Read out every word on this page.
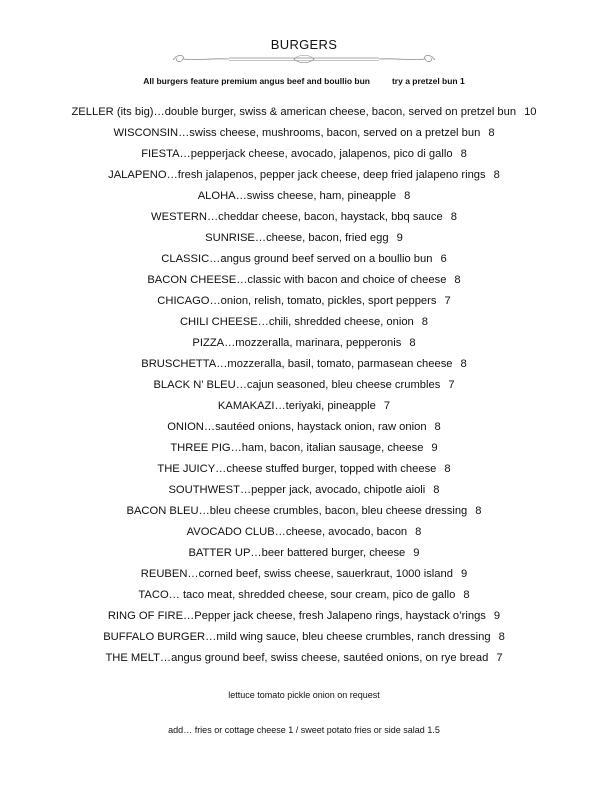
BURGERS
All burgers feature premium angus beef and boullio bun	try a pretzel bun 1
ZELLER (its big)…double burger, swiss & american cheese, bacon, served on pretzel bun 10
WISCONSIN…swiss cheese, mushrooms, bacon, served on a pretzel bun 8
FIESTA…pepperjack cheese, avocado, jalapenos, pico di gallo 8
JALAPENO…fresh jalapenos, pepper jack cheese, deep fried jalapeno rings 8
ALOHA…swiss cheese, ham, pineapple 8
WESTERN…cheddar cheese, bacon, haystack, bbq sauce 8
SUNRISE…cheese, bacon, fried egg 9
CLASSIC…angus ground beef served on a boullio bun 6
BACON CHEESE…classic with bacon and choice of cheese 8
CHICAGO…onion, relish, tomato, pickles, sport peppers 7
CHILI CHEESE…chili, shredded cheese, onion 8
PIZZA…mozzeralla, marinara, pepperonis 8
BRUSCHETTA…mozzeralla, basil, tomato, parmasean cheese 8
BLACK N’ BLEU…cajun seasoned, bleu cheese crumbles 7
KAMAKAZI…teriyaki, pineapple 7
ONION…sautéed onions, haystack onion, raw onion 8
THREE PIG…ham, bacon, italian sausage, cheese 9
THE JUICY…cheese stuffed burger, topped with cheese 8
SOUTHWEST…pepper jack, avocado, chipotle aioli 8
BACON BLEU…bleu cheese crumbles, bacon, bleu cheese dressing 8
AVOCADO CLUB…cheese, avocado, bacon 8
BATTER UP…beer battered burger, cheese 9
REUBEN…corned beef, swiss cheese, sauerkraut, 1000 island 9
TACO… taco meat, shredded cheese, sour cream, pico de gallo 8
RING OF FIRE…Pepper jack cheese, fresh Jalapeno rings, haystack o’rings 9
BUFFALO BURGER…mild wing sauce, bleu cheese crumbles, ranch dressing 8
THE MELT…angus ground beef, swiss cheese, sautéed onions, on rye bread 7
lettuce tomato pickle onion on request
add… fries or cottage cheese 1 / sweet potato fries or side salad 1.5
